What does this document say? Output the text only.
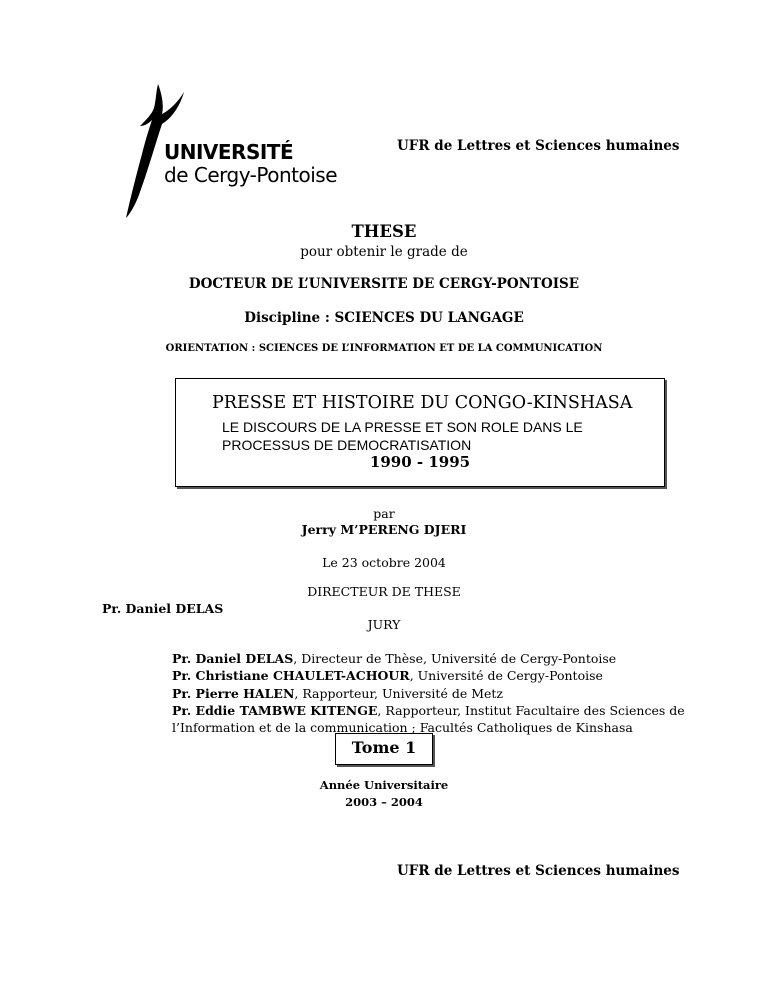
UNIVERSITÉ
de Cergy-Pontoise
UFR de Lettres et Sciences humaines
THESE
pour obtenir le grade de
DOCTEUR DE L’UNIVERSITE DE CERGY-PONTOISE
Discipline : SCIENCES DU LANGAGE
ORIENTATION : SCIENCES DE L’INFORMATION ET DE LA COMMUNICATION
PRESSE ET HISTOIRE DU CONGO-KINSHASA
LE DISCOURS DE LA PRESSE ET SON ROLE DANS LE
PROCESSUS DE DEMOCRATISATION
1990 - 1995
par
Jerry M’PERENG DJERI
Le 23 octobre 2004
DIRECTEUR DE THESE
Pr. Daniel DELAS
JURY
Pr. Daniel DELAS, Directeur de Thèse, Université de Cergy-Pontoise
Pr. Christiane CHAULET-ACHOUR, Université de Cergy-Pontoise
Pr. Pierre HALEN, Rapporteur, Université de Metz
Pr. Eddie TAMBWE KITENGE, Rapporteur, Institut Facultaire des Sciences de
l’Information et de la communication ; Facultés Catholiques de Kinshasa
Tome 1
Année Universitaire
2003 – 2004
UFR de Lettres et Sciences humaines
